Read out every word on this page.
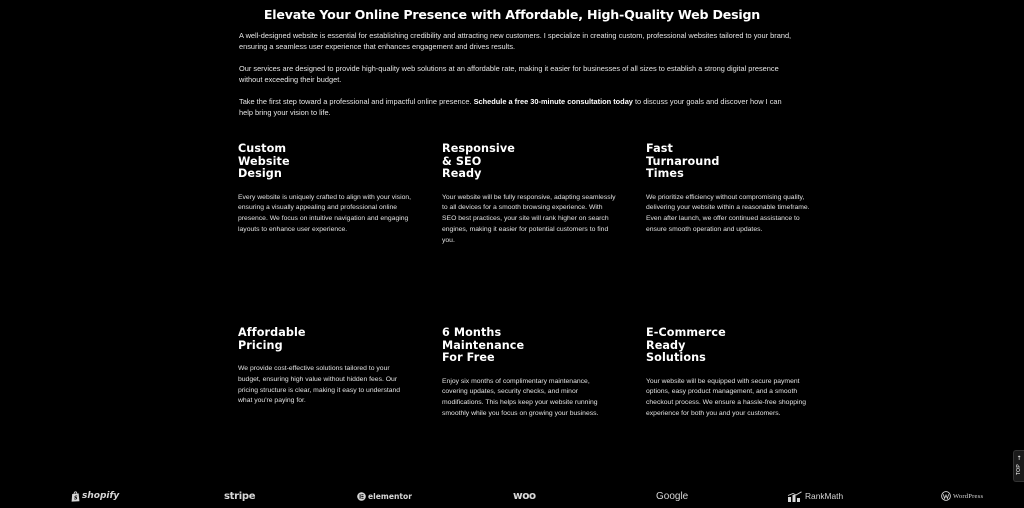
Elevate Your Online Presence with Affordable, High-Quality Web Design

A well-designed website is essential for establishing credibility and attracting new customers. I specialize in creating custom, professional websites tailored to your brand, ensuring a seamless user experience that enhances engagement and drives results.

Our services are designed to provide high-quality web solutions at an affordable rate, making it easier for businesses of all sizes to establish a strong digital presence without exceeding their budget.

Take the first step toward a professional and impactful online presence. Schedule a free 30-minute consultation today to discuss your goals and discover how I can help bring your vision to life.

Custom
Website
Design

Every website is uniquely crafted to align with your vision, ensuring a visually appealing and professional online presence. We focus on intuitive navigation and engaging layouts to enhance user experience.

Responsive
& SEO
Ready

Your website will be fully responsive, adapting seamlessly to all devices for a smooth browsing experience. With SEO best practices, your site will rank higher on search engines, making it easier for potential customers to find you.

Fast
Turnaround
Times

We prioritize efficiency without compromising quality, delivering your website within a reasonable timeframe. Even after launch, we offer continued assistance to ensure smooth operation and updates.

Affordable
Pricing

We provide cost-effective solutions tailored to your budget, ensuring high value without hidden fees. Our pricing structure is clear, making it easy to understand what you're paying for.

6 Months
Maintenance
For Free

Enjoy six months of complimentary maintenance, covering updates, security checks, and minor modifications. This helps keep your website running smoothly while you focus on growing your business.

E-Commerce
Ready
Solutions

Your website will be equipped with secure payment options, easy product management, and a smooth checkout process. We ensure a hassle-free shopping experience for both you and your customers.

↑
TOP
S shopify	stripe	elementor	woo	Google	RankMath	WordPress
